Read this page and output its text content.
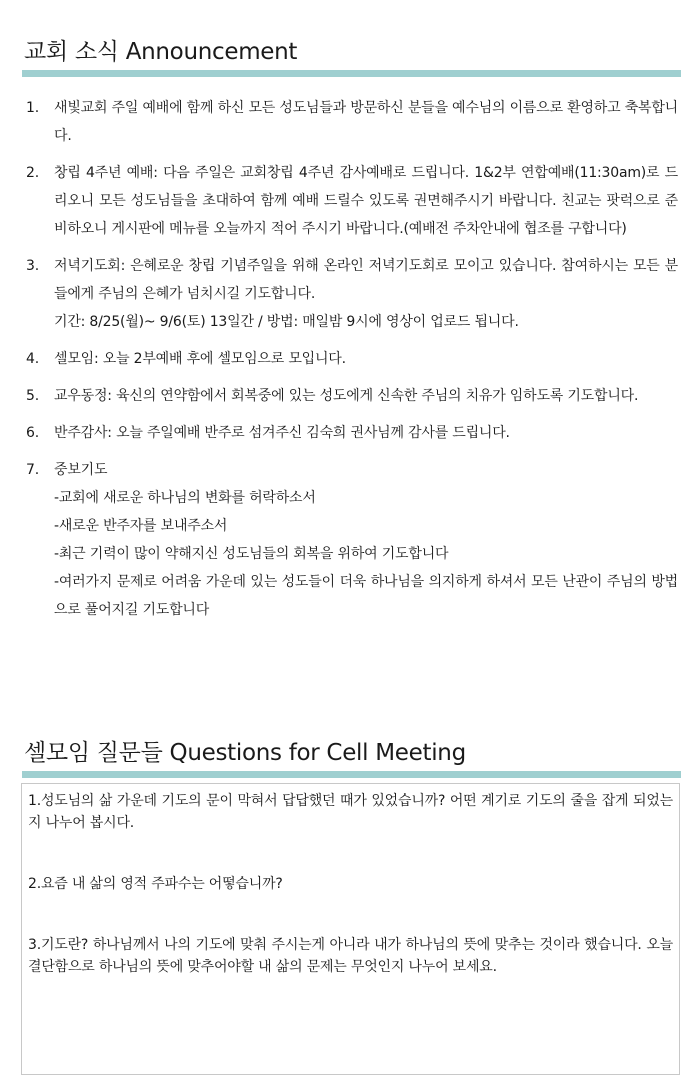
교회 소식 Announcement
1. 새빛교회 주일 예배에 함께 하신 모든 성도님들과 방문하신 분들을 예수님의 이름으로 환영하고 축복합니다.
2. 창립 4주년 예배: 다음 주일은 교회창립 4주년 감사예배로 드립니다. 1&2부 연합예배(11:30am)로 드리오니 모든 성도님들을 초대하여 함께 예배 드릴수 있도록 권면해주시기 바랍니다. 친교는 팟럭으로 준비하오니 게시판에 메뉴를 오늘까지 적어 주시기 바랍니다.(예배전 주차안내에 협조를 구합니다)
3. 저녁기도회: 은혜로운 창립 기념주일을 위해 온라인 저녁기도회로 모이고 있습니다. 참여하시는 모든 분들에게 주님의 은혜가 넘치시길 기도합니다.
기간: 8/25(월)~ 9/6(토) 13일간 / 방법: 매일밤 9시에 영상이 업로드 됩니다.
4. 셀모임: 오늘 2부예배 후에 셀모임으로 모입니다.
5. 교우동정: 육신의 연약함에서 회복중에 있는 성도에게 신속한 주님의 치유가 임하도록 기도합니다.
6. 반주감사: 오늘 주일예배 반주로 섬겨주신 김숙희 권사님께 감사를 드립니다.
7. 중보기도
-교회에 새로운 하나님의 변화를 허락하소서
-새로운 반주자를 보내주소서
-최근 기력이 많이 약해지신 성도님들의 회복을 위하여 기도합니다
-여러가지 문제로 어려움 가운데 있는 성도들이 더욱 하나님을 의지하게 하셔서 모든 난관이 주님의 방법으로 풀어지길 기도합니다
셀모임 질문들 Questions for Cell Meeting

1.성도님의 삶 가운데 기도의 문이 막혀서 답답했던 때가 있었습니까? 어떤 계기로 기도의 줄을 잡게 되었는지 나누어 봅시다.

2.요즘 내 삶의 영적 주파수는 어떻습니까?

3.기도란? 하나님께서 나의 기도에 맞춰 주시는게 아니라 내가 하나님의 뜻에 맞추는 것이라 했습니다. 오늘 결단함으로 하나님의 뜻에 맞추어야할 내 삶의 문제는 무엇인지 나누어 보세요.
